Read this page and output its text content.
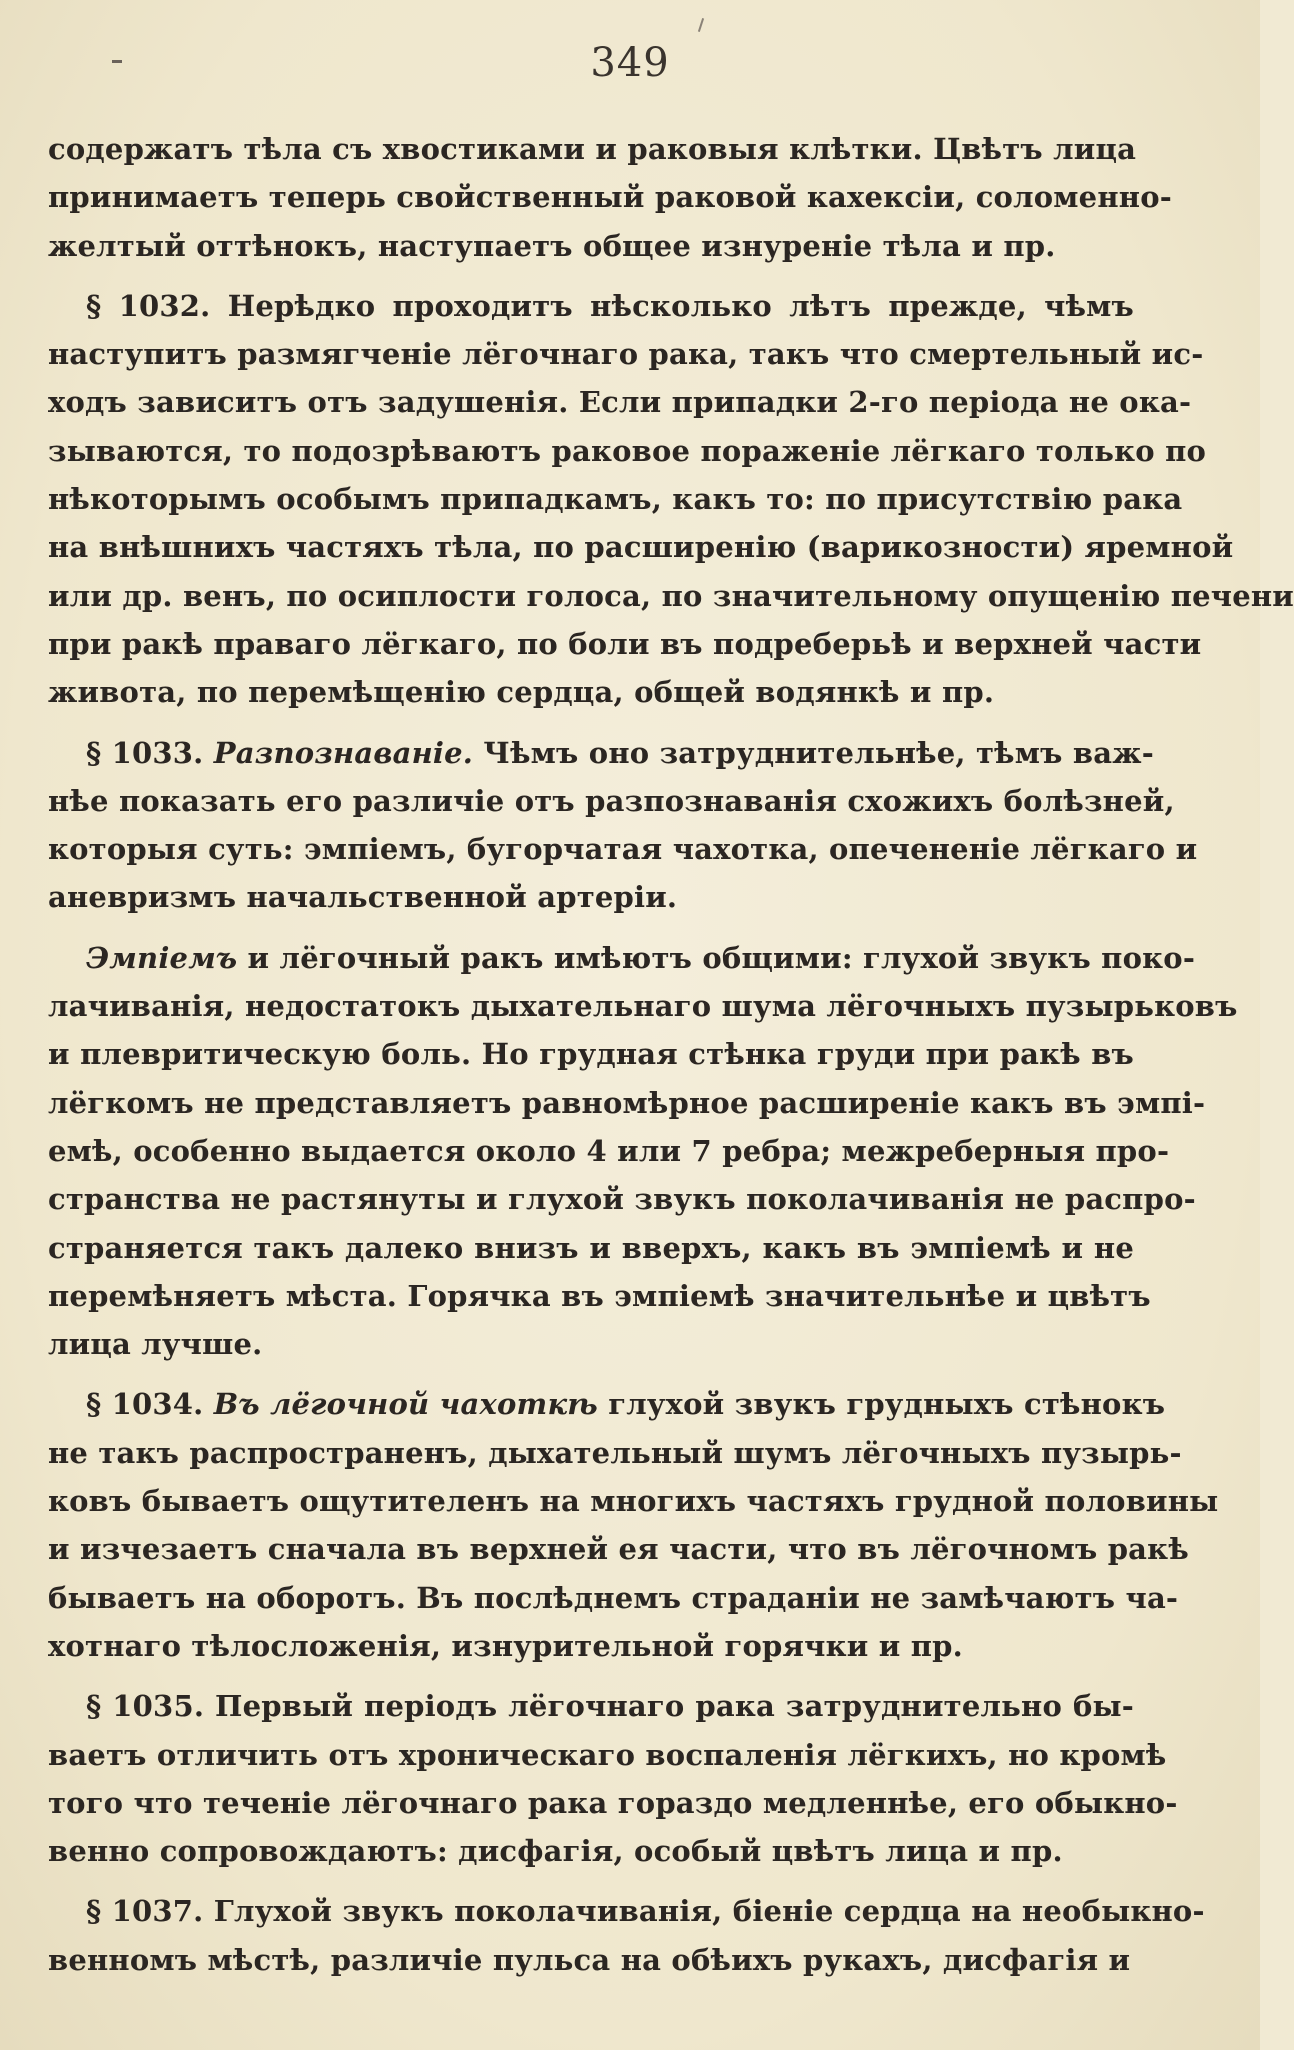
349
содержатъ тѣла съ хвостиками и раковыя клѣтки. Цвѣтъ лица
принимаетъ теперь свойственный раковой кахексіи, соломенно-
желтый оттѣнокъ, наступаетъ общее изнуреніе тѣла и пр.
§ 1032. Нерѣдко проходитъ нѣсколько лѣтъ прежде, чѣмъ
наступитъ размягченіе лёгочнаго рака, такъ что смертельный ис-
ходъ зависитъ отъ задушенія. Если припадки 2-го періода не ока-
зываются, то подозрѣваютъ раковое пораженіе лёгкаго только по
нѣкоторымъ особымъ припадкамъ, какъ то: по присутствію рака
на внѣшнихъ частяхъ тѣла, по расширенію (варикозности) яремной
или др. венъ, по осиплости голоса, по значительному опущенію печени
при ракѣ праваго лёгкаго, по боли въ подреберьѣ и верхней части
живота, по перемѣщенію сердца, общей водянкѣ и пр.
§ 1033. Разпознаваніе. Чѣмъ оно затруднительнѣе, тѣмъ важ-
нѣе показать его различіе отъ разпознаванія схожихъ болѣзней,
которыя суть: эмпіемъ, бугорчатая чахотка, опечененіе лёгкаго и
аневризмъ начальственной артеріи.
Эмпіемъ и лёгочный ракъ имѣютъ общими: глухой звукъ поко-
лачиванія, недостатокъ дыхательнаго шума лёгочныхъ пузырьковъ
и плевритическую боль. Но грудная стѣнка груди при ракѣ въ
лёгкомъ не представляетъ равномѣрное расширеніе какъ въ эмпі-
емѣ, особенно выдается около 4 или 7 ребра; межреберныя про-
странства не растянуты и глухой звукъ поколачиванія не распро-
страняется такъ далеко внизъ и вверхъ, какъ въ эмпіемѣ и не
перемѣняетъ мѣста. Горячка въ эмпіемѣ значительнѣе и цвѣтъ
лица лучше.
§ 1034. Въ лёгочной чахоткѣ глухой звукъ грудныхъ стѣнокъ
не такъ распространенъ, дыхательный шумъ лёгочныхъ пузырь-
ковъ бываетъ ощутителенъ на многихъ частяхъ грудной половины
и изчезаетъ сначала въ верхней ея части, что въ лёгочномъ ракѣ
бываетъ на оборотъ. Въ послѣднемъ страданіи не замѣчаютъ ча-
хотнаго тѣлосложенія, изнурительной горячки и пр.
§ 1035. Первый періодъ лёгочнаго рака затруднительно бы-
ваетъ отличить отъ хроническаго воспаленія лёгкихъ, но кромѣ
того что теченіе лёгочнаго рака гораздо медленнѣе, его обыкно-
венно сопровождаютъ: дисфагія, особый цвѣтъ лица и пр.
§ 1037. Глухой звукъ поколачиванія, біеніе сердца на необыкно-
венномъ мѣстѣ, различіе пульса на обѣихъ рукахъ, дисфагія и
